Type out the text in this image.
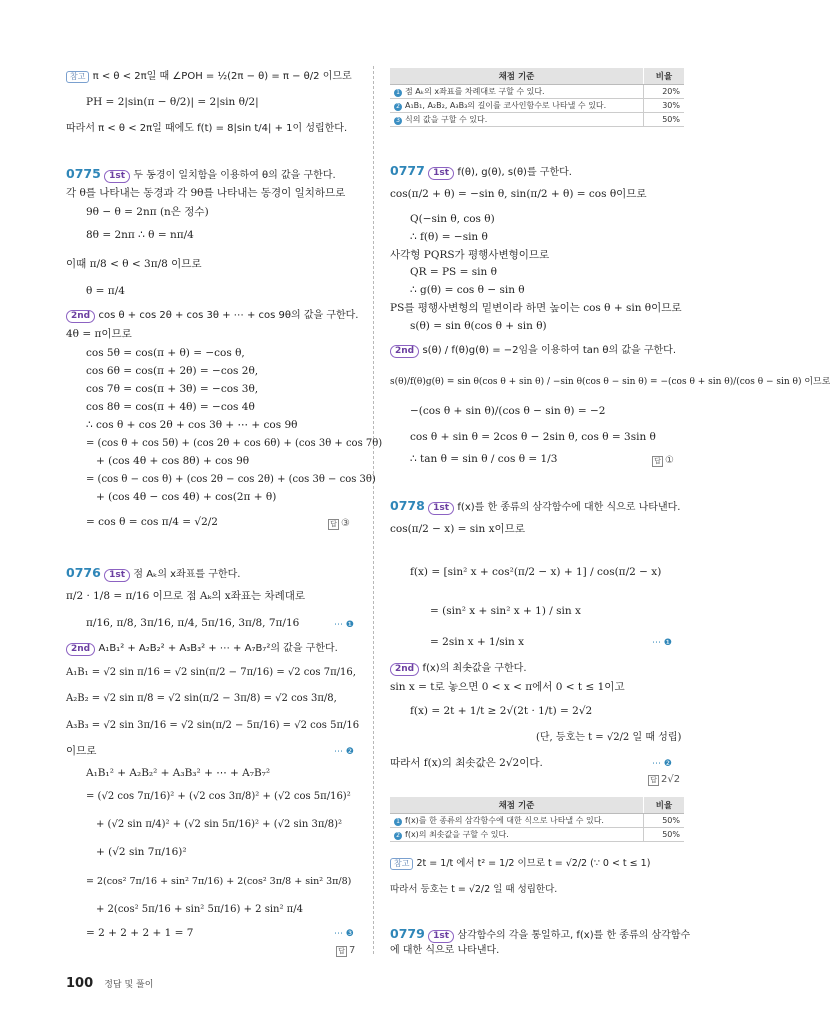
참고 π < θ < 2π일 때 ∠POH = ½(2π − θ) = π − θ/2 이므로
PH = 2|sin(π − θ/2)| = 2|sin θ/2|
따라서 π < θ < 2π일 때에도 f(t) = 8|sin t/4| + 1이 성립한다.
0775 1st 두 동경이 일치함을 이용하여 θ의 값을 구한다.
각 θ를 나타내는 동경과 각 9θ를 나타내는 동경이 일치하므로
9θ − θ = 2nπ (n은 정수)
8θ = 2nπ ∴ θ = nπ/4
이때 π/8 < θ < 3π/8 이므로
θ = π/4
2nd cos θ + cos 2θ + cos 3θ + ⋯ + cos 9θ의 값을 구한다.
4θ = π이므로
cos 5θ = cos(π + θ) = −cos θ,
cos 6θ = cos(π + 2θ) = −cos 2θ,
cos 7θ = cos(π + 3θ) = −cos 3θ,
cos 8θ = cos(π + 4θ) = −cos 4θ
∴ cos θ + cos 2θ + cos 3θ + ⋯ + cos 9θ
= (cos θ + cos 5θ) + (cos 2θ + cos 6θ) + (cos 3θ + cos 7θ)
+ (cos 4θ + cos 8θ) + cos 9θ
= (cos θ − cos θ) + (cos 2θ − cos 2θ) + (cos 3θ − cos 3θ)
+ (cos 4θ − cos 4θ) + cos(2π + θ)
= cos θ = cos π/4 = √2/2	답 ③
0776 1st 점 Aₖ의 x좌표를 구한다.
π/2 · 1/8 = π/16 이므로 점 Aₖ의 x좌표는 차례대로
π/16, π/8, 3π/16, π/4, 5π/16, 3π/8, 7π/16	⋯ ❶
2nd A₁B₁² + A₂B₂² + A₃B₃² + ⋯ + A₇B₇²의 값을 구한다.
A₁B₁ = √2 sin π/16 = √2 sin(π/2 − 7π/16) = √2 cos 7π/16,
A₂B₂ = √2 sin π/8 = √2 sin(π/2 − 3π/8) = √2 cos 3π/8,
A₃B₃ = √2 sin 3π/16 = √2 sin(π/2 − 5π/16) = √2 cos 5π/16
이므로	⋯ ❷
A₁B₁² + A₂B₂² + A₃B₃² + ⋯ + A₇B₇²
= (√2 cos 7π/16)² + (√2 cos 3π/8)² + (√2 cos 5π/16)²
+ (√2 sin π/4)² + (√2 sin 5π/16)² + (√2 sin 3π/8)²
+ (√2 sin 7π/16)²
= 2(cos² 7π/16 + sin² 7π/16) + 2(cos² 3π/8 + sin² 3π/8)
+ 2(cos² 5π/16 + sin² 5π/16) + 2 sin² π/4
= 2 + 2 + 2 + 1 = 7	⋯ ❸
답 7
채점 기준	비율
1 점 Aₖ의 x좌표를 차례대로 구할 수 있다.	20%
2 A₁B₁, A₂B₂, A₃B₃의 길이를 코사인함수로 나타낼 수 있다.	30%
3 식의 값을 구할 수 있다.	50%
0777 1st f(θ), g(θ), s(θ)를 구한다.
cos(π/2 + θ) = −sin θ, sin(π/2 + θ) = cos θ이므로
Q(−sin θ, cos θ)
∴ f(θ) = −sin θ
사각형 PQRS가 평행사변형이므로
QR = PS = sin θ
∴ g(θ) = cos θ − sin θ
PS를 평행사변형의 밑변이라 하면 높이는 cos θ + sin θ이므로
s(θ) = sin θ(cos θ + sin θ)
2nd s(θ) / f(θ)g(θ) = −2임을 이용하여 tan θ의 값을 구한다.
s(θ)/f(θ)g(θ) = sin θ(cos θ + sin θ) / −sin θ(cos θ − sin θ) = −(cos θ + sin θ)/(cos θ − sin θ) 이므로
−(cos θ + sin θ)/(cos θ − sin θ) = −2
cos θ + sin θ = 2cos θ − 2sin θ, cos θ = 3sin θ
∴ tan θ = sin θ / cos θ = 1/3	답 ①
0778 1st f(x)를 한 종류의 삼각함수에 대한 식으로 나타낸다.
cos(π/2 − x) = sin x이므로
f(x) = [sin² x + cos²(π/2 − x) + 1] / cos(π/2 − x)
= (sin² x + sin² x + 1) / sin x
= 2sin x + 1/sin x	⋯ ❶
2nd f(x)의 최솟값을 구한다.
sin x = t로 놓으면 0 < x < π에서 0 < t ≤ 1이고
f(x) = 2t + 1/t ≥ 2√(2t · 1/t) = 2√2
(단, 등호는 t = √2/2 일 때 성립)
따라서 f(x)의 최솟값은 2√2이다.	⋯ ❷
답 2√2
채점 기준	비율
1 f(x)를 한 종류의 삼각함수에 대한 식으로 나타낼 수 있다.	50%
2 f(x)의 최솟값을 구할 수 있다.	50%
참고 2t = 1/t 에서 t² = 1/2 이므로 t = √2/2 (∵ 0 < t ≤ 1)
따라서 등호는 t = √2/2 일 때 성립한다.
0779 1st 삼각함수의 각을 통일하고, f(x)를 한 종류의 삼각함수
에 대한 식으로 나타낸다.
100 정답 및 풀이
